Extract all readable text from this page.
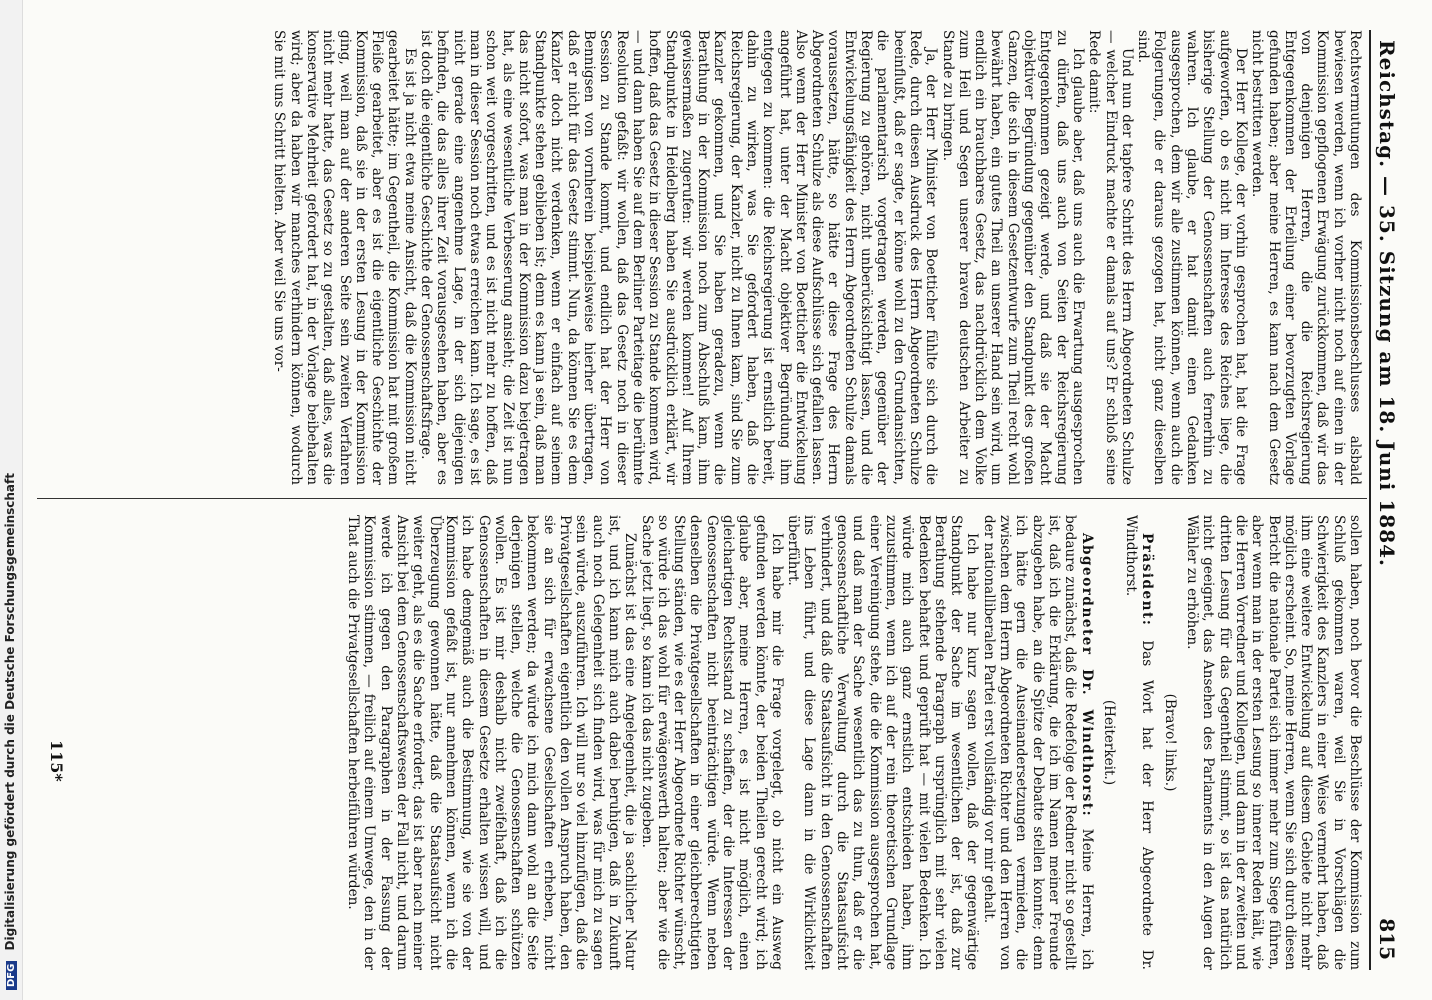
Reichstag. — 35. Sitzung am 18. Juni 1884.
815

Rechtsvermutungen des Kommissionsbeschlusses alsbald bewiesen werden, wenn ich vorher nicht noch auf einen in der Kommission gepflogenen Erwägung zurückkommen, daß wir das von denjenigen Herren, die die Reichsregierung Entgegenkommen der Erteilung einer bevorzugten Vorlage gefunden haben; aber meine Herren, es kann nach dem Gesetz nicht bestritten werden.

Der Herr Kollege, der vorhin gesprochen hat, hat die Frage aufgeworfen, ob es nicht im Interesse des Reiches liege, die bisherige Stellung der Genossenschaften auch fernerhin zu wahren. Ich glaube, er hat damit einen Gedanken ausgesprochen, dem wir alle zustimmen können, wenn auch die Folgerungen, die er daraus gezogen hat, nicht ganz dieselben sind.

Und nun der tapfere Schritt des Herrn Abgeordneten Schulze — welcher Eindruck machte er damals auf uns? Er schloß seine Rede damit:

Ich glaube aber, daß uns auch die Erwartung ausgesprochen zu dürfen, daß uns auch von Seiten der Reichsregierung Entgegenkommen gezeigt werde, und daß sie der Macht objektiver Begründung gegenüber den Standpunkt des großen Ganzen, die sich in diesem Gesetzentwurfe zum Theil recht wohl bewährt haben, ein gutes Theil an unserer Hand sein wird, um endlich ein brauchbares Gesetz, das nachdrücklich dem Volke zum Heil und Segen unserer braven deutschen Arbeiter zu Stande zu bringen.

Ja, der Herr Minister von Boetticher fühlte sich durch die Rede, durch diesen Ausdruck des Herrn Abgeordneten Schulze beeinflußt, daß er sagte, er könne wohl zu den Grundansichten, die parlamentarisch vorgetragen werden, gegenüber der Regierung zu gehören, nicht unberücksichtigt lassen, und die Entwickelungsfähigkeit des Herrn Abgeordneten Schulze damals voraussetzen, hätte, so hätte er diese Frage des Herrn Abgeordneten Schulze als diese Aufschlüsse sich gefallen lassen. Also wenn der Herr Minister von Boetticher die Entwickelung angeführt hat, unter der Macht objektiver Begründung ihm entgegen zu kommen: die Reichsregierung ist ernstlich bereit, dahin zu wirken, was Sie gefordert haben, daß die Reichsregierung, der Kanzler, nicht zu Ihnen kam, sind Sie zum Kanzler gekommen, und Sie haben geradezu, wenn die Berathung in der Kommission noch zum Abschluß kam, ihm gewissermaßen zugerufen: wir werden kommen! Auf Ihrem Standpunkte in Heidelberg haben Sie ausdrücklich erklärt, wir hoffen, daß das Gesetz in dieser Session zu Stande kommen wird, — und dann haben Sie auf dem Berliner Parteitage die berühmte Resolution gefaßt: wir wollen, daß das Gesetz noch in dieser Session zu Stande kommt, und endlich hat der Herr von Bennigsen von vornherein beispielsweise hierher übertragen, daß er nicht für das Gesetz stimmt. Nun, da können Sie es dem Kanzler doch nicht verdenken, wenn er einfach auf seinem Standpunkte stehen geblieben ist; denn es kann ja sein, daß man das nicht sofort, was man in der Kommission dazu beigetragen hat, als eine wesentliche Verbesserung ansieht; die Zeit ist nun schon weit vorgeschritten, und es ist nicht mehr zu hoffen, daß man in dieser Session noch etwas erreichen kann. Ich sage, es ist nicht gerade eine angenehme Lage, in der sich diejenigen befinden, die das alles ihrer Zeit vorausgesehen haben, aber es ist doch die eigentliche Geschichte der Genossenschaftsfrage.

Es ist ja nicht etwa meine Ansicht, daß die Kommission nicht gearbeitet hätte; im Gegentheil, die Kommission hat mit großem Fleiße gearbeitet, aber es ist die eigentliche Geschichte der Kommission, daß sie in der ersten Lesung in der Kommission ging, weil man auf der anderen Seite sein zweiten Verfahren nicht mehr hatte, das Gesetz so zu gestalten, daß alles, was die konservative Mehrheit gefordert hat, in der Vorlage beibehalten wird; aber da haben wir manches verhindern können, wodurch Sie mit uns Schritt hielten. Aber weil Sie uns vor-

sollen haben, noch bevor die Beschlüsse der Kommission zum Schluß gekommen waren, weil Sie in Vorschlägen die Schwierigkeit des Kanzlers in einer Weise vermehrt haben, daß ihm eine weitere Entwickelung auf diesem Gebiete nicht mehr möglich erscheint. So, meine Herren, wenn Sie sich durch diesen Bericht die nationale Partei sich immer mehr zum Siege führen, aber wenn man in der ersten Lesung so innerer Reden hält, wie die Herren Vorredner und Kollegen, und dann in der zweiten und dritten Lesung für das Gegentheil stimmt, so ist das natürlich nicht geeignet, das Ansehen des Parlaments in den Augen der Wähler zu erhöhen.

(Bravo! links.)

Präsident: Das Wort hat der Herr Abgeordnete Dr. Windthorst.

(Heiterkeit.)

Abgeordneter Dr. Windthorst: Meine Herren, ich bedaure zunächst, daß die Redefolge der Redner nicht so gestellt ist, daß ich die Erklärung, die ich im Namen meiner Freunde abzugeben habe, an die Spitze der Debatte stellen konnte; denn ich hätte gern die Auseinandersetzungen vermieden, die zwischen dem Herrn Abgeordneten Richter und den Herren von der nationalliberalen Partei erst vollständig vor mir gehalt.

Ich habe nur kurz sagen wollen, daß der gegenwärtige Standpunkt der Sache im wesentlichen der ist, daß zur Berathung stehende Paragraph ursprünglich mit sehr vielen Bedenken behaftet und geprüft hat — mit vielen Bedenken. Ich würde mich auch ganz ernstlich entschieden haben, ihm zuzustimmen, wenn ich auf der rein theoretischen Grundlage einer Vereinigung stehe, die die Kommission ausgesprochen hat, und daß man der Sache wesentlich das zu thun, daß er die genossenschaftliche Verwaltung durch die Staatsaufsicht verhindert, und daß die Staatsaufsicht in den Genossenschaften ins Leben führt, und diese Lage dann in die Wirklichkeit überführt.

Ich habe mir die Frage vorgelegt, ob nicht ein Ausweg gefunden werden könnte, der beiden Theilen gerecht wird; ich glaube aber, meine Herren, es ist nicht möglich, einen gleichartigen Rechtsstand zu schaffen, der die Interessen der Genossenschaften nicht beeinträchtigen würde. Wenn neben denselben die Privatgesellschaften in einer gleichberechtigten Stellung ständen, wie es der Herr Abgeordnete Richter wünscht, so würde ich das wohl für erwägenswerth halten; aber wie die Sache jetzt liegt, so kann ich das nicht zugeben.

Zunächst ist das eine Angelegenheit, die ja sachlicher Natur ist, und ich kann mich auch dabei beruhigen, daß in Zukunft auch noch Gelegenheit sich finden wird, was für mich zu sagen sein würde, auszuführen. Ich will nur so viel hinzufügen, daß die Privatgesellschaften eigentlich den vollen Anspruch haben, den sie an sich für erwachsene Gesellschaften erheben, nicht bekommen werden; da würde ich mich dann wohl an die Seite derjenigen stellen, welche die Genossenschaften schützen wollen. Es ist mir deshalb nicht zweifelhaft, daß ich die Genossenschaften in diesem Gesetze erhalten wissen will, und ich habe demgemäß auch die Bestimmung, wie sie von der Kommission gefaßt ist, nur annehmen können, wenn ich die Überzeugung gewonnen hätte, daß die Staatsaufsicht nicht weiter geht, als es die Sache erfordert; das ist aber nach meiner Ansicht bei dem Genossenschaftswesen der Fall nicht, und darum werde ich gegen den Paragraphen in der Fassung der Kommission stimmen, — freilich auf einem Umwege, den in der That auch die Privatgesellschaften herbeiführen würden.

115*
DFG Digitalisierung gefördert durch die Deutsche Forschungsgemeinschaft
